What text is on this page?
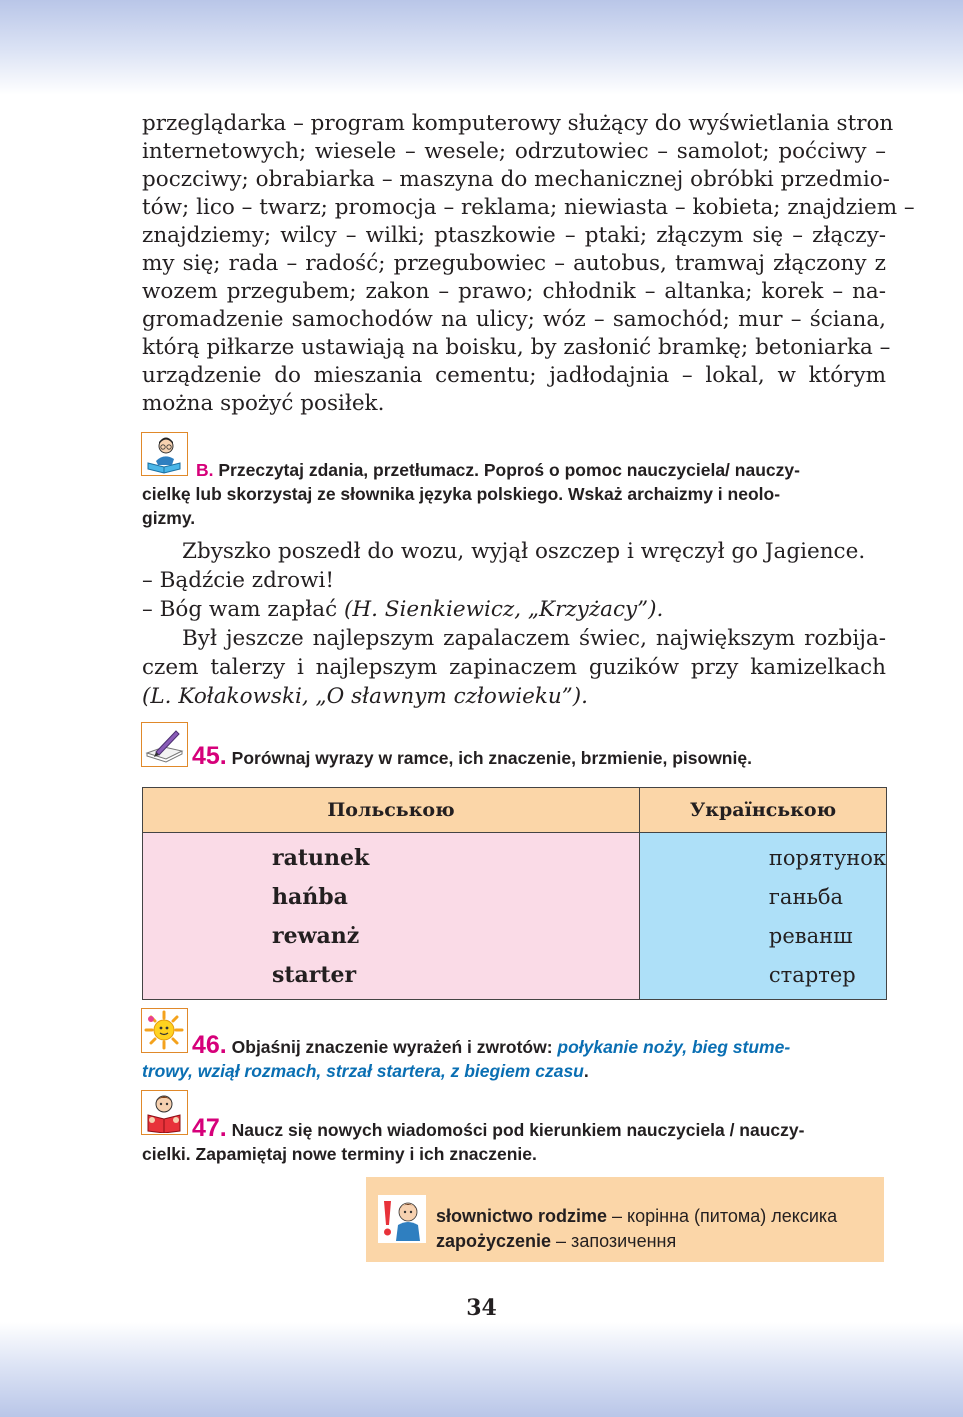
przeglądarka – program komputerowy służący do wyświetlania stron
internetowych; wiesele – wesele; odrzutowiec – samolot; poćciwy –
poczciwy; obrabiarka – maszyna do mechanicznej obróbki przedmio-
tów; lico – twarz; promocja – reklama; niewiasta – kobieta; znajdziem –
znajdziemy; wilcy – wilki; ptaszkowie – ptaki; złączym się – złączy-
my się; rada – radość; przegubowiec – autobus, tramwaj złączony z
wozem przegubem; zakon – prawo; chłodnik – altanka; korek – na-
gromadzenie samochodów na ulicy; wóz – samochód; mur – ściana,
którą piłkarze ustawiają na boisku, by zasłonić bramkę; betoniarka –
urządzenie do mieszania cementu; jadłodajnia – lokal, w którym
można spożyć posiłek.
B. Przeczytaj zdania, przetłumacz. Poproś o pomoc nauczyciela/ nauczy-
cielkę lub skorzystaj ze słownika języka polskiego. Wskaż archaizmy i neolo-
gizmy.
Zbyszko poszedł do wozu, wyjął oszczep i wręczył go Jagience.
– Bądźcie zdrowi!
– Bóg wam zapłać (H. Sienkiewicz, „Krzyżacy”).
Był jeszcze najlepszym zapalaczem świec, największym rozbija-
czem talerzy i najlepszym zapinaczem guzików przy kamizelkach
(L. Kołakowski, „O sławnym człowieku”).
45. Porównaj wyrazy w ramce, ich znaczenie, brzmienie, pisownię.
Польською	Українською
ratunek	порятунок
hańba	ганьба
rewanż	реванш
starter	стартер
46. Objaśnij znaczenie wyrażeń i zwrotów: połykanie noży, bieg stume-
trowy, wziął rozmach, strzał startera, z biegiem czasu.
47. Naucz się nowych wiadomości pod kierunkiem nauczyciela / nauczy-
cielki. Zapamiętaj nowe terminy i ich znaczenie.
słownictwo rodzime – корінна (питома) лексика
zapożyczenie – запозичення
34
